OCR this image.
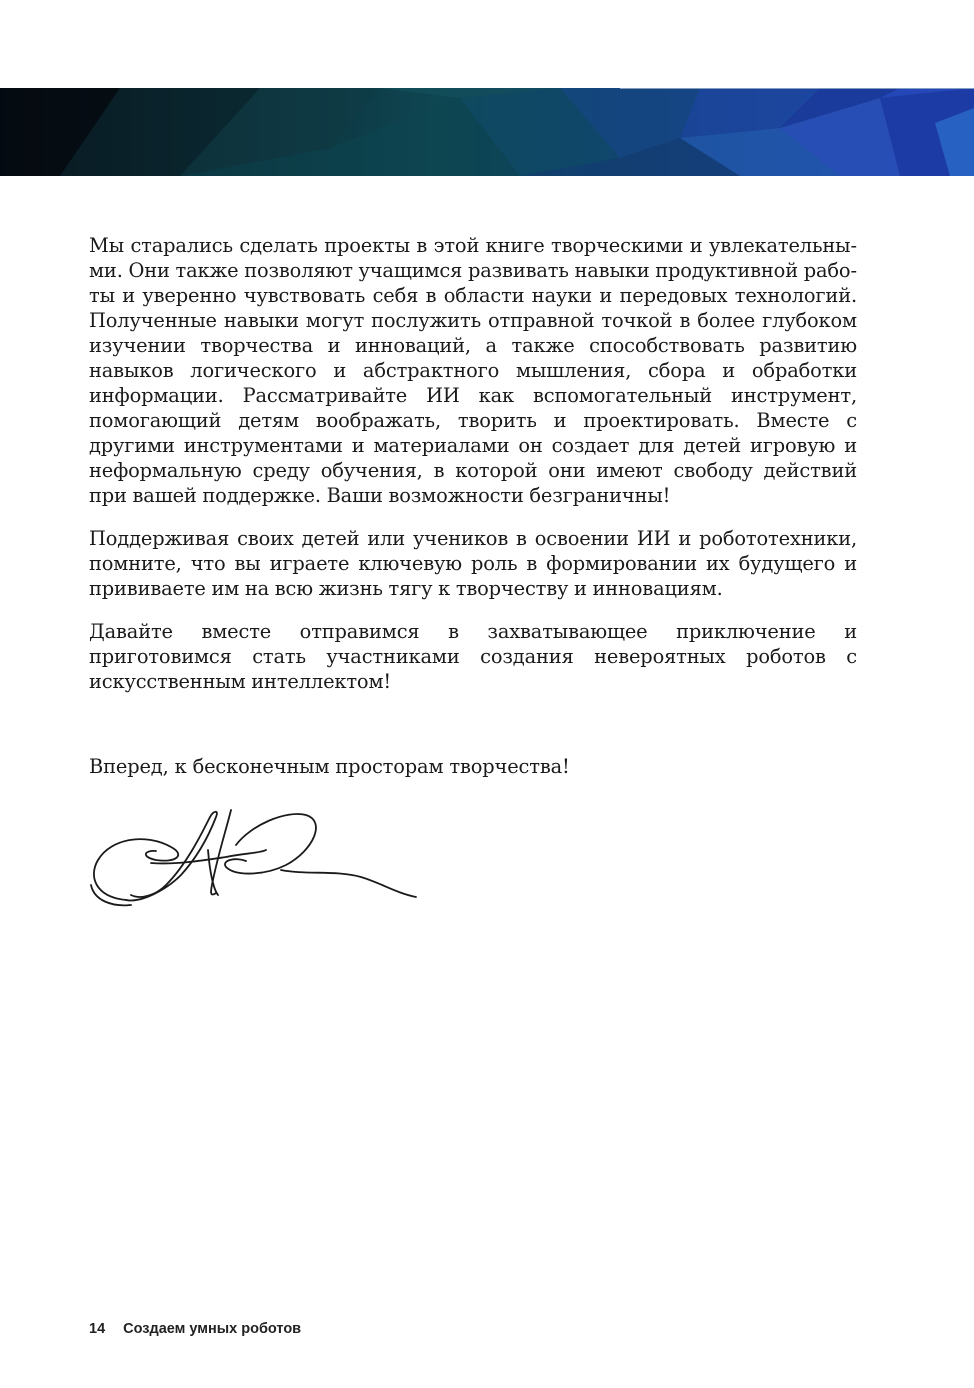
Мы старались сделать проекты в этой книге творческими и увлекательными. Они также позволяют учащимся развивать навыки продуктивной работы и уверенно чувствовать себя в области науки и передовых технологий. Полученные навыки могут послужить отправной точкой в более глубоком изучении творчества и инноваций, а также способствовать развитию навыков логического и абстрактного мышления, сбора и обработки информации. Рассматривайте ИИ как вспомогательный инструмент, помогающий детям воображать, творить и проектировать. Вместе с другими инструментами и материалами он создает для детей игровую и неформальную среду обучения, в которой они имеют свободу действий при вашей поддержке. Ваши возможности безграничны!

Поддерживая своих детей или учеников в освоении ИИ и робототехники, помните, что вы играете ключевую роль в формировании их будущего и прививаете им на всю жизнь тягу к творчеству и инновациям.

Давайте вместе отправимся в захватывающее приключение и приготовимся стать участниками создания невероятных роботов с искусственным интеллектом!

Вперед, к бесконечным просторам творчества!

14 Создаем умных роботов
